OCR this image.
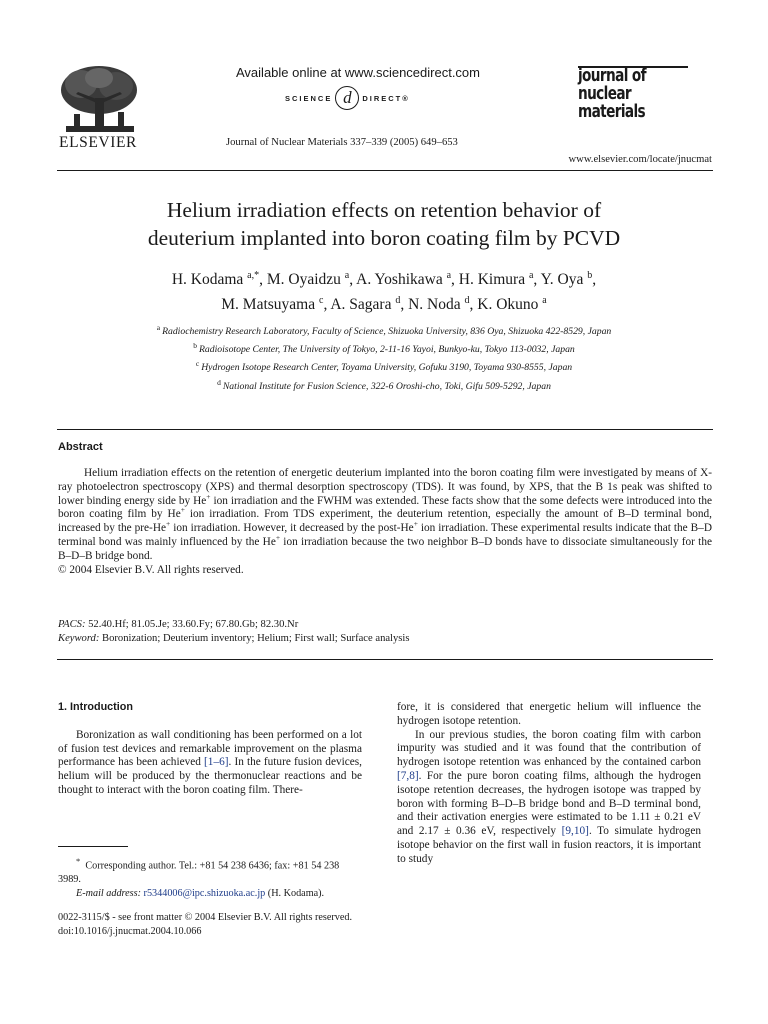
ELSEVIER
Available online at www.sciencedirect.com
SCIENCE d	DIRECT®
Journal of Nuclear Materials 337–339 (2005) 649–653
journal of
nuclear
materials
www.elsevier.com/locate/jnucmat
Helium irradiation effects on retention behavior of
deuterium implanted into boron coating film by PCVD
H. Kodama $^{a,*}$, M. Oyaidzu $^a$, A. Yoshikawa $^a$, H. Kimura $^a$, Y. Oya $^b$,
M. Matsuyama $^c$, A. Sagara $^d$, N. Noda $^d$, K. Okuno $^a$
$^a$ Radiochemistry Research Laboratory, Faculty of Science, Shizuoka University, 836 Oya, Shizuoka 422-8529, Japan
$^b$ Radioisotope Center, The University of Tokyo, 2-11-16 Yayoi, Bunkyo-ku, Tokyo 113-0032, Japan
$^c$ Hydrogen Isotope Research Center, Toyama University, Gofuku 3190, Toyama 930-8555, Japan
$^d$ National Institute for Fusion Science, 322-6 Oroshi-cho, Toki, Gifu 509-5292, Japan
Abstract

Helium irradiation effects on the retention of energetic deuterium implanted into the boron coating film were investigated by means of X-ray photoelectron spectroscopy (XPS) and thermal desorption spectroscopy (TDS). It was found, by XPS, that the B 1s peak was shifted to lower binding energy side by He+ ion irradiation and the FWHM was extended. These facts show that the some defects were introduced into the boron coating film by He+ ion irradiation. From TDS experiment, the deuterium retention, especially the amount of B–D terminal bond, increased by the pre-He+ ion irradiation. However, it decreased by the post-He+ ion irradiation. These experimental results indicate that the B–D terminal bond was mainly influenced by the He+ ion irradiation because the two neighbor B–D bonds have to dissociate simultaneously for the B–D–B bridge bond.

© 2004 Elsevier B.V. All rights reserved.

PACS: 52.40.Hf; 81.05.Je; 33.60.Fy; 67.80.Gb; 82.30.Nr
Keyword: Boronization; Deuterium inventory; Helium; First wall; Surface analysis

1. Introduction

Boronization as wall conditioning has been performed on a lot of fusion test devices and remarkable improvement on the plasma performance has been achieved [1–6]. In the future fusion devices, helium will be produced by the thermonuclear reactions and be thought to interact with the boron coating film. There-

* Corresponding author. Tel.: +81 54 238 6436; fax: +81 54 238 3989.
E-mail address: r5344006@ipc.shizuoka.ac.jp (H. Kodama).
0022-3115/$ - see front matter © 2004 Elsevier B.V. All rights reserved.
doi:10.1016/j.jnucmat.2004.10.066

fore, it is considered that energetic helium will influence the hydrogen isotope retention.

In our previous studies, the boron coating film with carbon impurity was studied and it was found that the contribution of hydrogen isotope retention was enhanced by the contained carbon [7,8]. For the pure boron coating films, although the hydrogen isotope retention decreases, the hydrogen isotope was trapped by boron with forming B–D–B bridge bond and B–D terminal bond, and their activation energies were estimated to be 1.11 ± 0.21 eV and 2.17 ± 0.36 eV, respectively [9,10]. To simulate hydrogen isotope behavior on the first wall in fusion reactors, it is important to study
